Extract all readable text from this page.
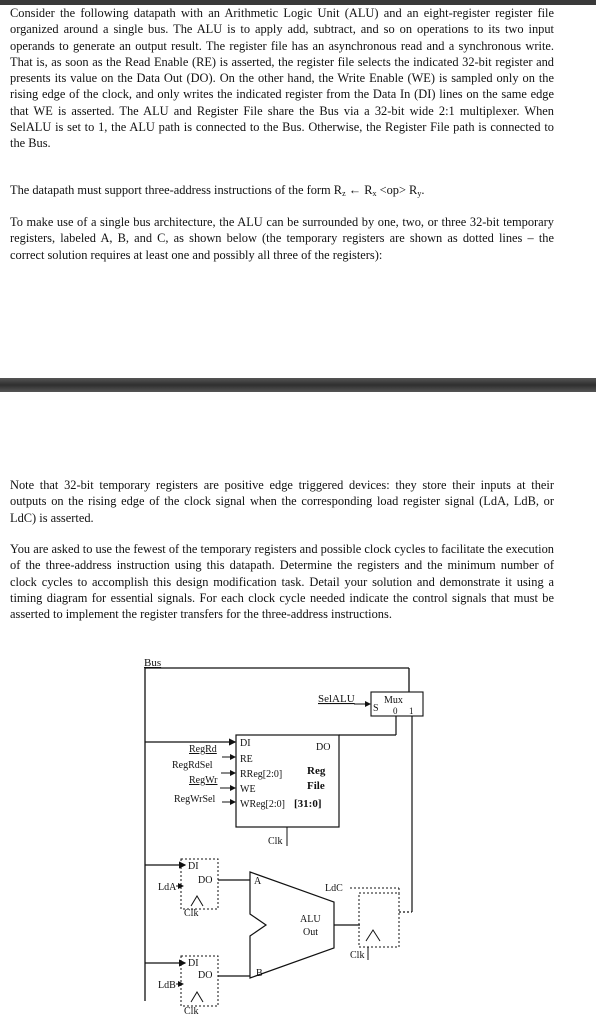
Consider the following datapath with an Arithmetic Logic Unit (ALU) and an eight-register register file organized around a single bus. The ALU is to apply add, subtract, and so on operations to its two input operands to generate an output result. The register file has an asynchronous read and a synchronous write. That is, as soon as the Read Enable (RE) is asserted, the register file selects the indicated 32-bit register and presents its value on the Data Out (DO). On the other hand, the Write Enable (WE) is sampled only on the rising edge of the clock, and only writes the indicated register from the Data In (DI) lines on the same edge that WE is asserted. The ALU and Register File share the Bus via a 32-bit wide 2:1 multiplexer. When SelALU is set to 1, the ALU path is connected to the Bus. Otherwise, the Register File path is connected to the Bus.

The datapath must support three-address instructions of the form $R_z$ ← $R_x <op> R_y$.

To make use of a single bus architecture, the ALU can be surrounded by one, two, or three 32-bit temporary registers, labeled A, B, and C, as shown below (the temporary registers are shown as dotted lines – the correct solution requires at least one and possibly all three of the registers):

Note that 32-bit temporary registers are positive edge triggered devices: they store their inputs at their outputs on the rising edge of the clock signal when the corresponding load register signal (LdA, LdB, or LdC) is asserted.

You are asked to use the fewest of the temporary registers and possible clock cycles to facilitate the execution of the three-address instruction using this datapath. Determine the registers and the minimum number of clock cycles to accomplish this design modification task. Detail your solution and demonstrate it using a timing diagram for essential signals. For each clock cycle needed indicate the control signals that must be asserted to implement the register transfers for the three-address instructions.

Bus
Mux
S 0 1
SelALU
DI
RE
RReg[2:0]
WE
WReg[2:0]
DO
Reg
File
[31:0]
RegRd
RegRdSel
RegWr
RegWrSel
Clk
DI
DO
LdA
Clk
DI
DO
LdB
Clk
A
B
ALU
Out
LdC
Clk
